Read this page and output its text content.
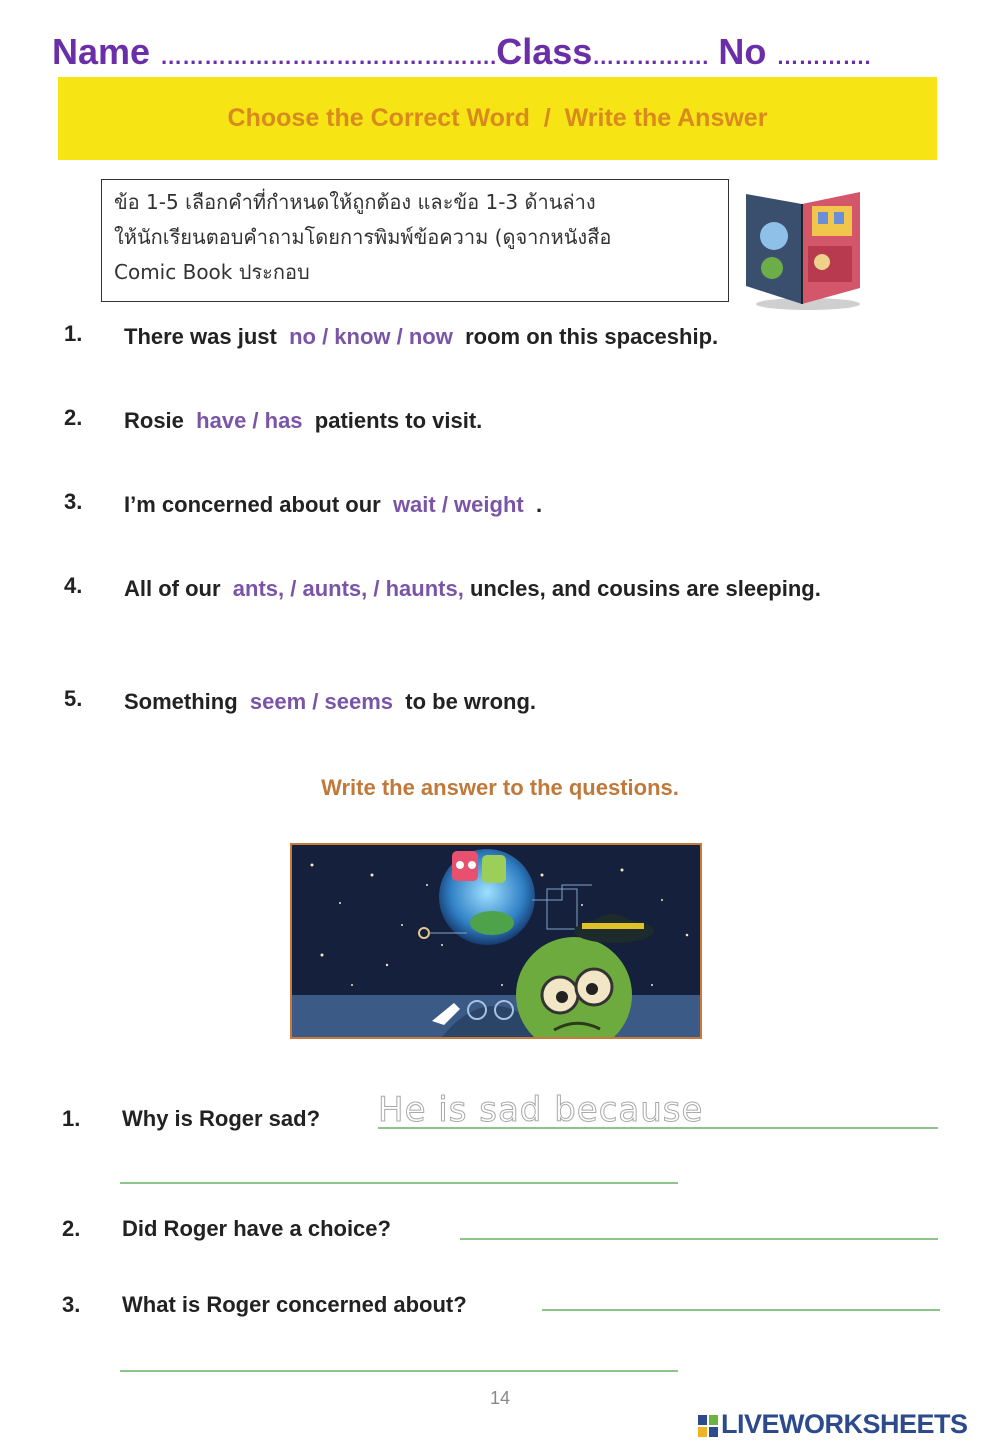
Name ……………………………………….Class……………. No ………….
Choose the Correct Word  /  Write the Answer
ข้อ 1-5 เลือกคำที่กำหนดให้ถูกต้อง และข้อ 1-3 ด้านล่าง
ให้นักเรียนตอบคำถามโดยการพิมพ์ข้อความ (ดูจากหนังสือ
Comic Book ประกอบ
1. There was just  no / know / now  room on this spaceship.
2. Rosie  have / has  patients to visit.
3. I’m concerned about our  wait / weight  .
4. All of our  ants, / aunts, / haunts, uncles, and cousins are sleeping.
5. Something  seem / seems  to be wrong.
Write the answer to the questions.
1. Why is Roger sad? He is sad because
2. Did Roger have a choice?
3. What is Roger concerned about?
14
LIVEWORKSHEETS
